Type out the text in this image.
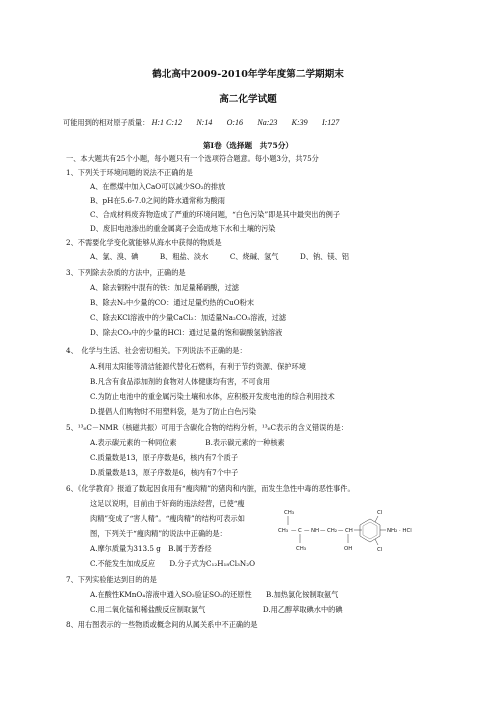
鹤北高中2009-2010年学年度第二学期期末
高二化学试题
可能用到的相对原子质量： H:1 C:12 N:14 O:16 Na:23 K:39 I:127
第Ⅰ卷（选择题　共75分）
一、本大题共有25个小题，每小题只有一个选项符合题意。每小题3分，共75分
1、下列关于环境问题的说法不正确的是
A、在燃煤中加入CaO可以减少SO₂的排放
B、pH在5.6-7.0之间的降水通常称为酸雨
C、合成材料废弃物造成了严重的环境问题，“白色污染”即是其中最突出的例子
D、废旧电池渗出的重金属离子会造成地下水和土壤的污染
2、不需要化学变化就能够从海水中获得的物质是
A、氯、溴、碘　　　B、粗盐、淡水　　　C、烧碱、氢气　　　D、钠、镁、铝
3、下列除去杂质的方法中，正确的是
A、除去铜粉中混有的铁：加足量稀硝酸，过滤
B、除去N₂中少量的CO：通过足量灼热的CuO粉末
C、除去KCl溶液中的少量CaCl₂：加适量Na₂CO₃溶液，过滤
D、除去CO₂中的少量的HCl：通过足量的饱和碳酸氢钠溶液
4、　化学与生活、社会密切相关。下列说法不正确的是：
A.利用太阳能等清洁能源代替化石燃料，有利于节约资源、保护环境
B.凡含有食品添加剂的食物对人体健康均有害，不可食用
C.为防止电池中的重金属污染土壤和水体，应积极开发废电池的综合利用技术
D.提倡人们购物时不用塑料袋，是为了防止白色污染
5、¹³₆C－NMR（核磁共振）可用于含碳化合物的结构分析，¹³₆C表示的含义错误的是：
A.表示碳元素的一种同位素　　　　B.表示碳元素的一种核素
C.质量数是13，原子序数是6，核内有7个质子
D.质量数是13，原子序数是6，核内有7个中子
6、《化学教育》报道了数起因食用有“瘦肉精”的猪肉和内脏，而发生急性中毒的恶性事件。
这足以说明，目前由于奸商的违法经营，已使“瘦
肉精”变成了“害人精”。“瘦肉精”的结构可表示如
图，下列关于“瘦肉精”的说法中正确的是：
A.摩尔质量为313.5 g　B.属于芳香烃
C.不能发生加成反应　　D.分子式为C₁₂H₁₈Cl₃N₂O
7、下列实验能达到目的的是
A.在酸性KMnO₄溶液中通入SO₂验证SO₂的还原性　　B.加热氯化铵制取氨气
C.用二氧化锰和稀盐酸反应制取氯气　　　　　　　　D.用乙醇萃取碘水中的碘
8、用右图表示的一些物质或概念间的从属关系中不正确的是
CH₃
CH₃ — C — NH — CH₂ — CH
CH₃	OH
Cl
Cl
NH₂ · HCl
